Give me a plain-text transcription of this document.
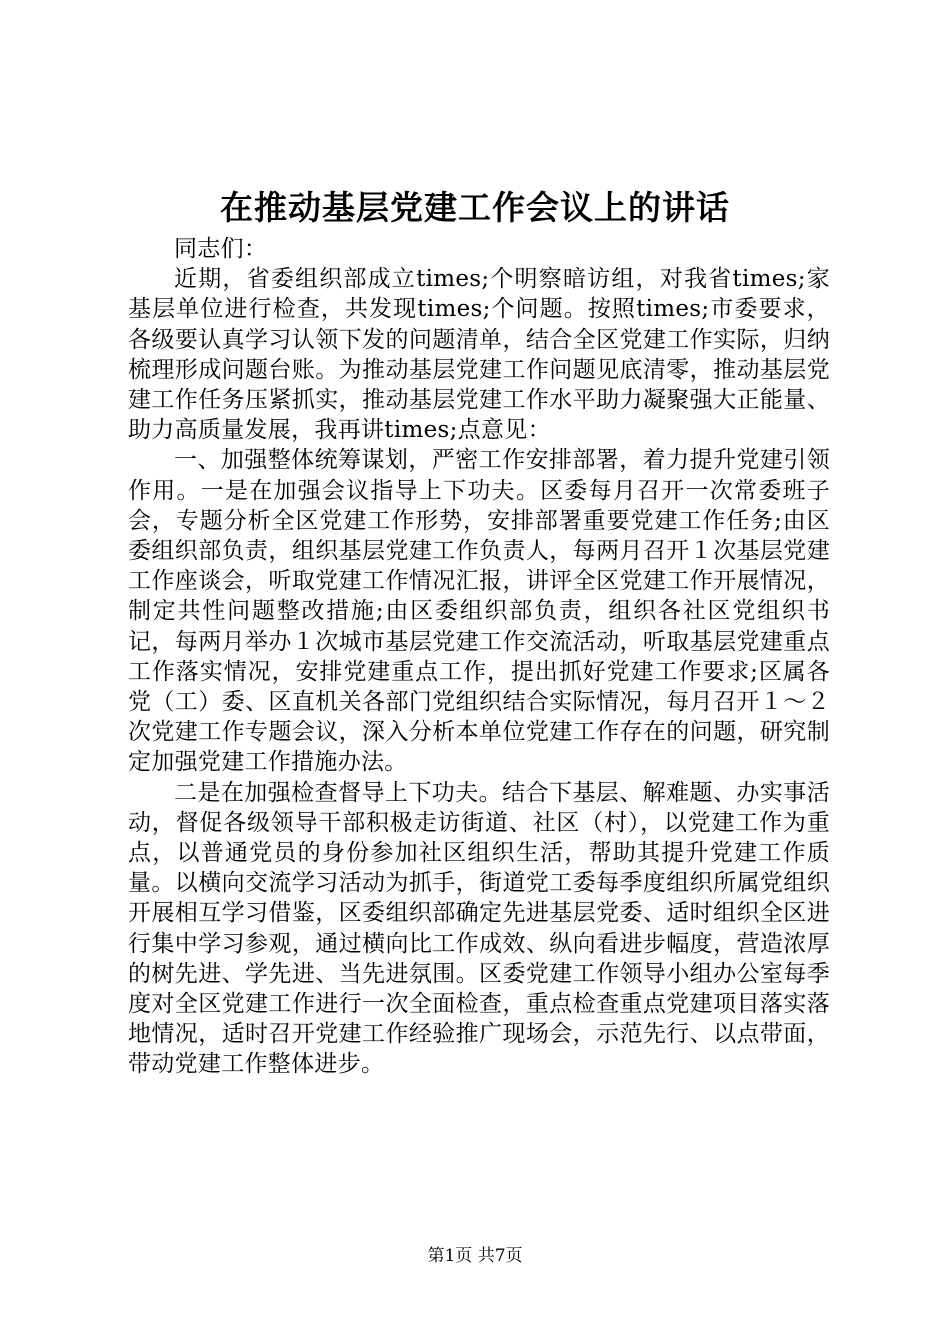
在推动基层党建工作会议上的讲话

同志们：

近期，省委组织部成立times;个明察暗访组，对我省times;家基层单位进行检查，共发现times;个问题。按照times;市委要求，各级要认真学习认领下发的问题清单，结合全区党建工作实际，归纳梳理形成问题台账。为推动基层党建工作问题见底清零，推动基层党建工作任务压紧抓实，推动基层党建工作水平助力凝聚强大正能量、助力高质量发展，我再讲times;点意见：

一、加强整体统筹谋划，严密工作安排部署，着力提升党建引领作用。一是在加强会议指导上下功夫。区委每月召开一次常委班子会，专题分析全区党建工作形势，安排部署重要党建工作任务;由区委组织部负责，组织基层党建工作负责人，每两月召开１次基层党建工作座谈会，听取党建工作情况汇报，讲评全区党建工作开展情况，制定共性问题整改措施;由区委组织部负责，组织各社区党组织书记，每两月举办１次城市基层党建工作交流活动，听取基层党建重点工作落实情况，安排党建重点工作，提出抓好党建工作要求;区属各党（工）委、区直机关各部门党组织结合实际情况，每月召开１～２次党建工作专题会议，深入分析本单位党建工作存在的问题，研究制定加强党建工作措施办法。

二是在加强检查督导上下功夫。结合下基层、解难题、办实事活动，督促各级领导干部积极走访街道、社区（村），以党建工作为重点，以普通党员的身份参加社区组织生活，帮助其提升党建工作质量。以横向交流学习活动为抓手，街道党工委每季度组织所属党组织开展相互学习借鉴，区委组织部确定先进基层党委、适时组织全区进行集中学习参观，通过横向比工作成效、纵向看进步幅度，营造浓厚的树先进、学先进、当先进氛围。区委党建工作领导小组办公室每季度对全区党建工作进行一次全面检查，重点检查重点党建项目落实落地情况，适时召开党建工作经验推广现场会，示范先行、以点带面，带动党建工作整体进步。

第1页 共7页
